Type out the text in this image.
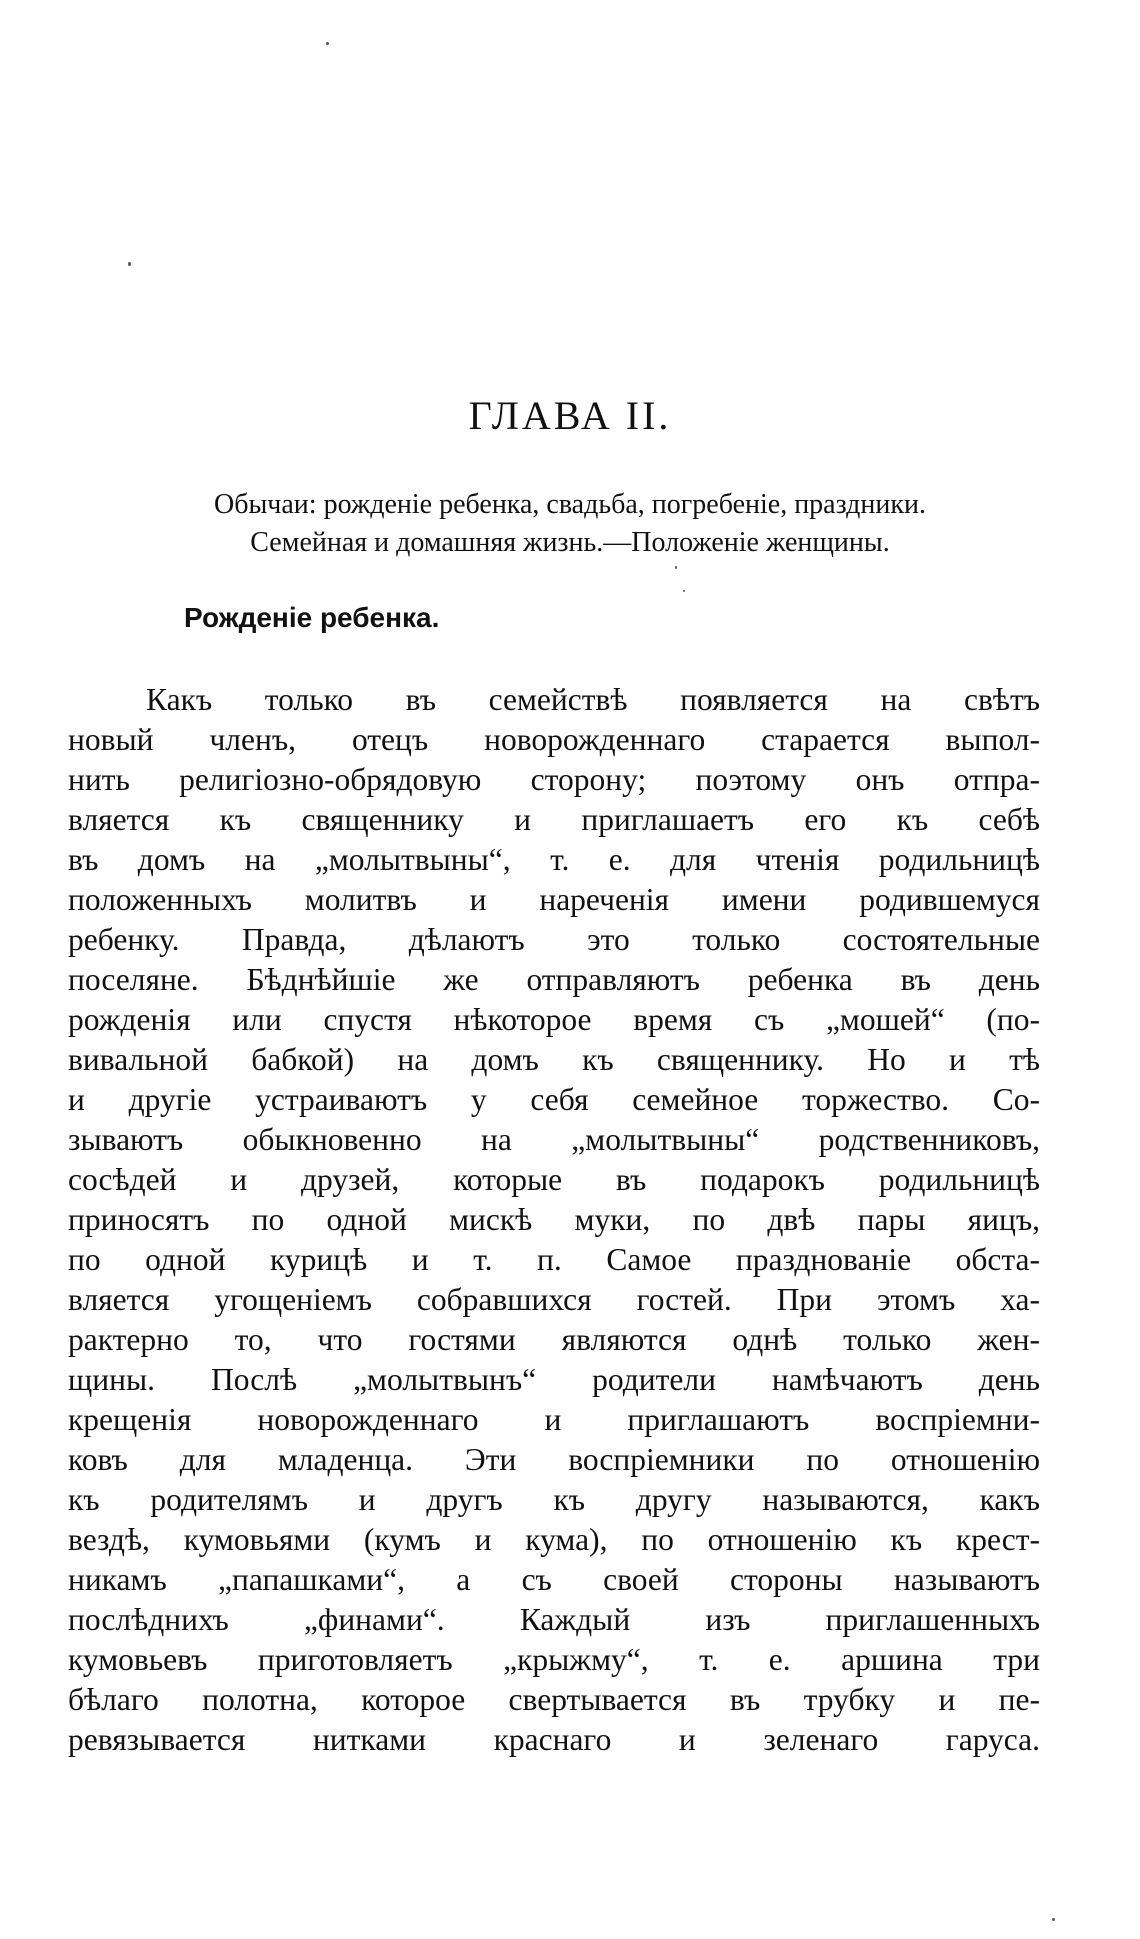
ГЛАВА II.

Обычаи: рожденіе ребенка, свадьба, погребеніе, праздники.
Семейная и домашняя жизнь.—Положеніе женщины.

Рожденіе ребенка.
Какъ только въ семействѣ появляется на свѣтъ
новый членъ, отецъ новорожденнаго старается выпол-
нить религіозно-обрядовую сторону; поэтому онъ отпра-
вляется къ священнику и приглашаетъ его къ себѣ
въ домъ на „молытвыны“, т. е. для чтенія родильницѣ
положенныхъ молитвъ и нареченія имени родившемуся
ребенку. Правда, дѣлаютъ это только состоятельные
поселяне. Бѣднѣйшіе же отправляютъ ребенка въ день
рожденія или спустя нѣкоторое время съ „мошей“ (по-
вивальной бабкой) на домъ къ священнику. Но и тѣ
и другіе устраиваютъ у себя семейное торжество. Со-
зываютъ обыкновенно на „молытвыны“ родственниковъ,
сосѣдей и друзей, которые въ подарокъ родильницѣ
приносятъ по одной мискѣ муки, по двѣ пары яицъ,
по одной курицѣ и т. п. Самое празднованіе обста-
вляется угощеніемъ собравшихся гостей. При этомъ ха-
рактерно то, что гостями являются однѣ только жен-
щины. Послѣ „молытвынъ“ родители намѣчаютъ день
крещенія новорожденнаго и приглашаютъ воспріемни-
ковъ для младенца. Эти воспріемники по отношенію
къ родителямъ и другъ къ другу называются, какъ
вездѣ, кумовьями (кумъ и кума), по отношенію къ крест-
никамъ „папашками“, а съ своей стороны называютъ
послѣднихъ „финами“. Каждый изъ приглашенныхъ
кумовьевъ приготовляетъ „крыжму“, т. е. аршина три
бѣлаго полотна, которое свертывается въ трубку и пе-
ревязывается нитками краснаго и зеленаго гаруса.
